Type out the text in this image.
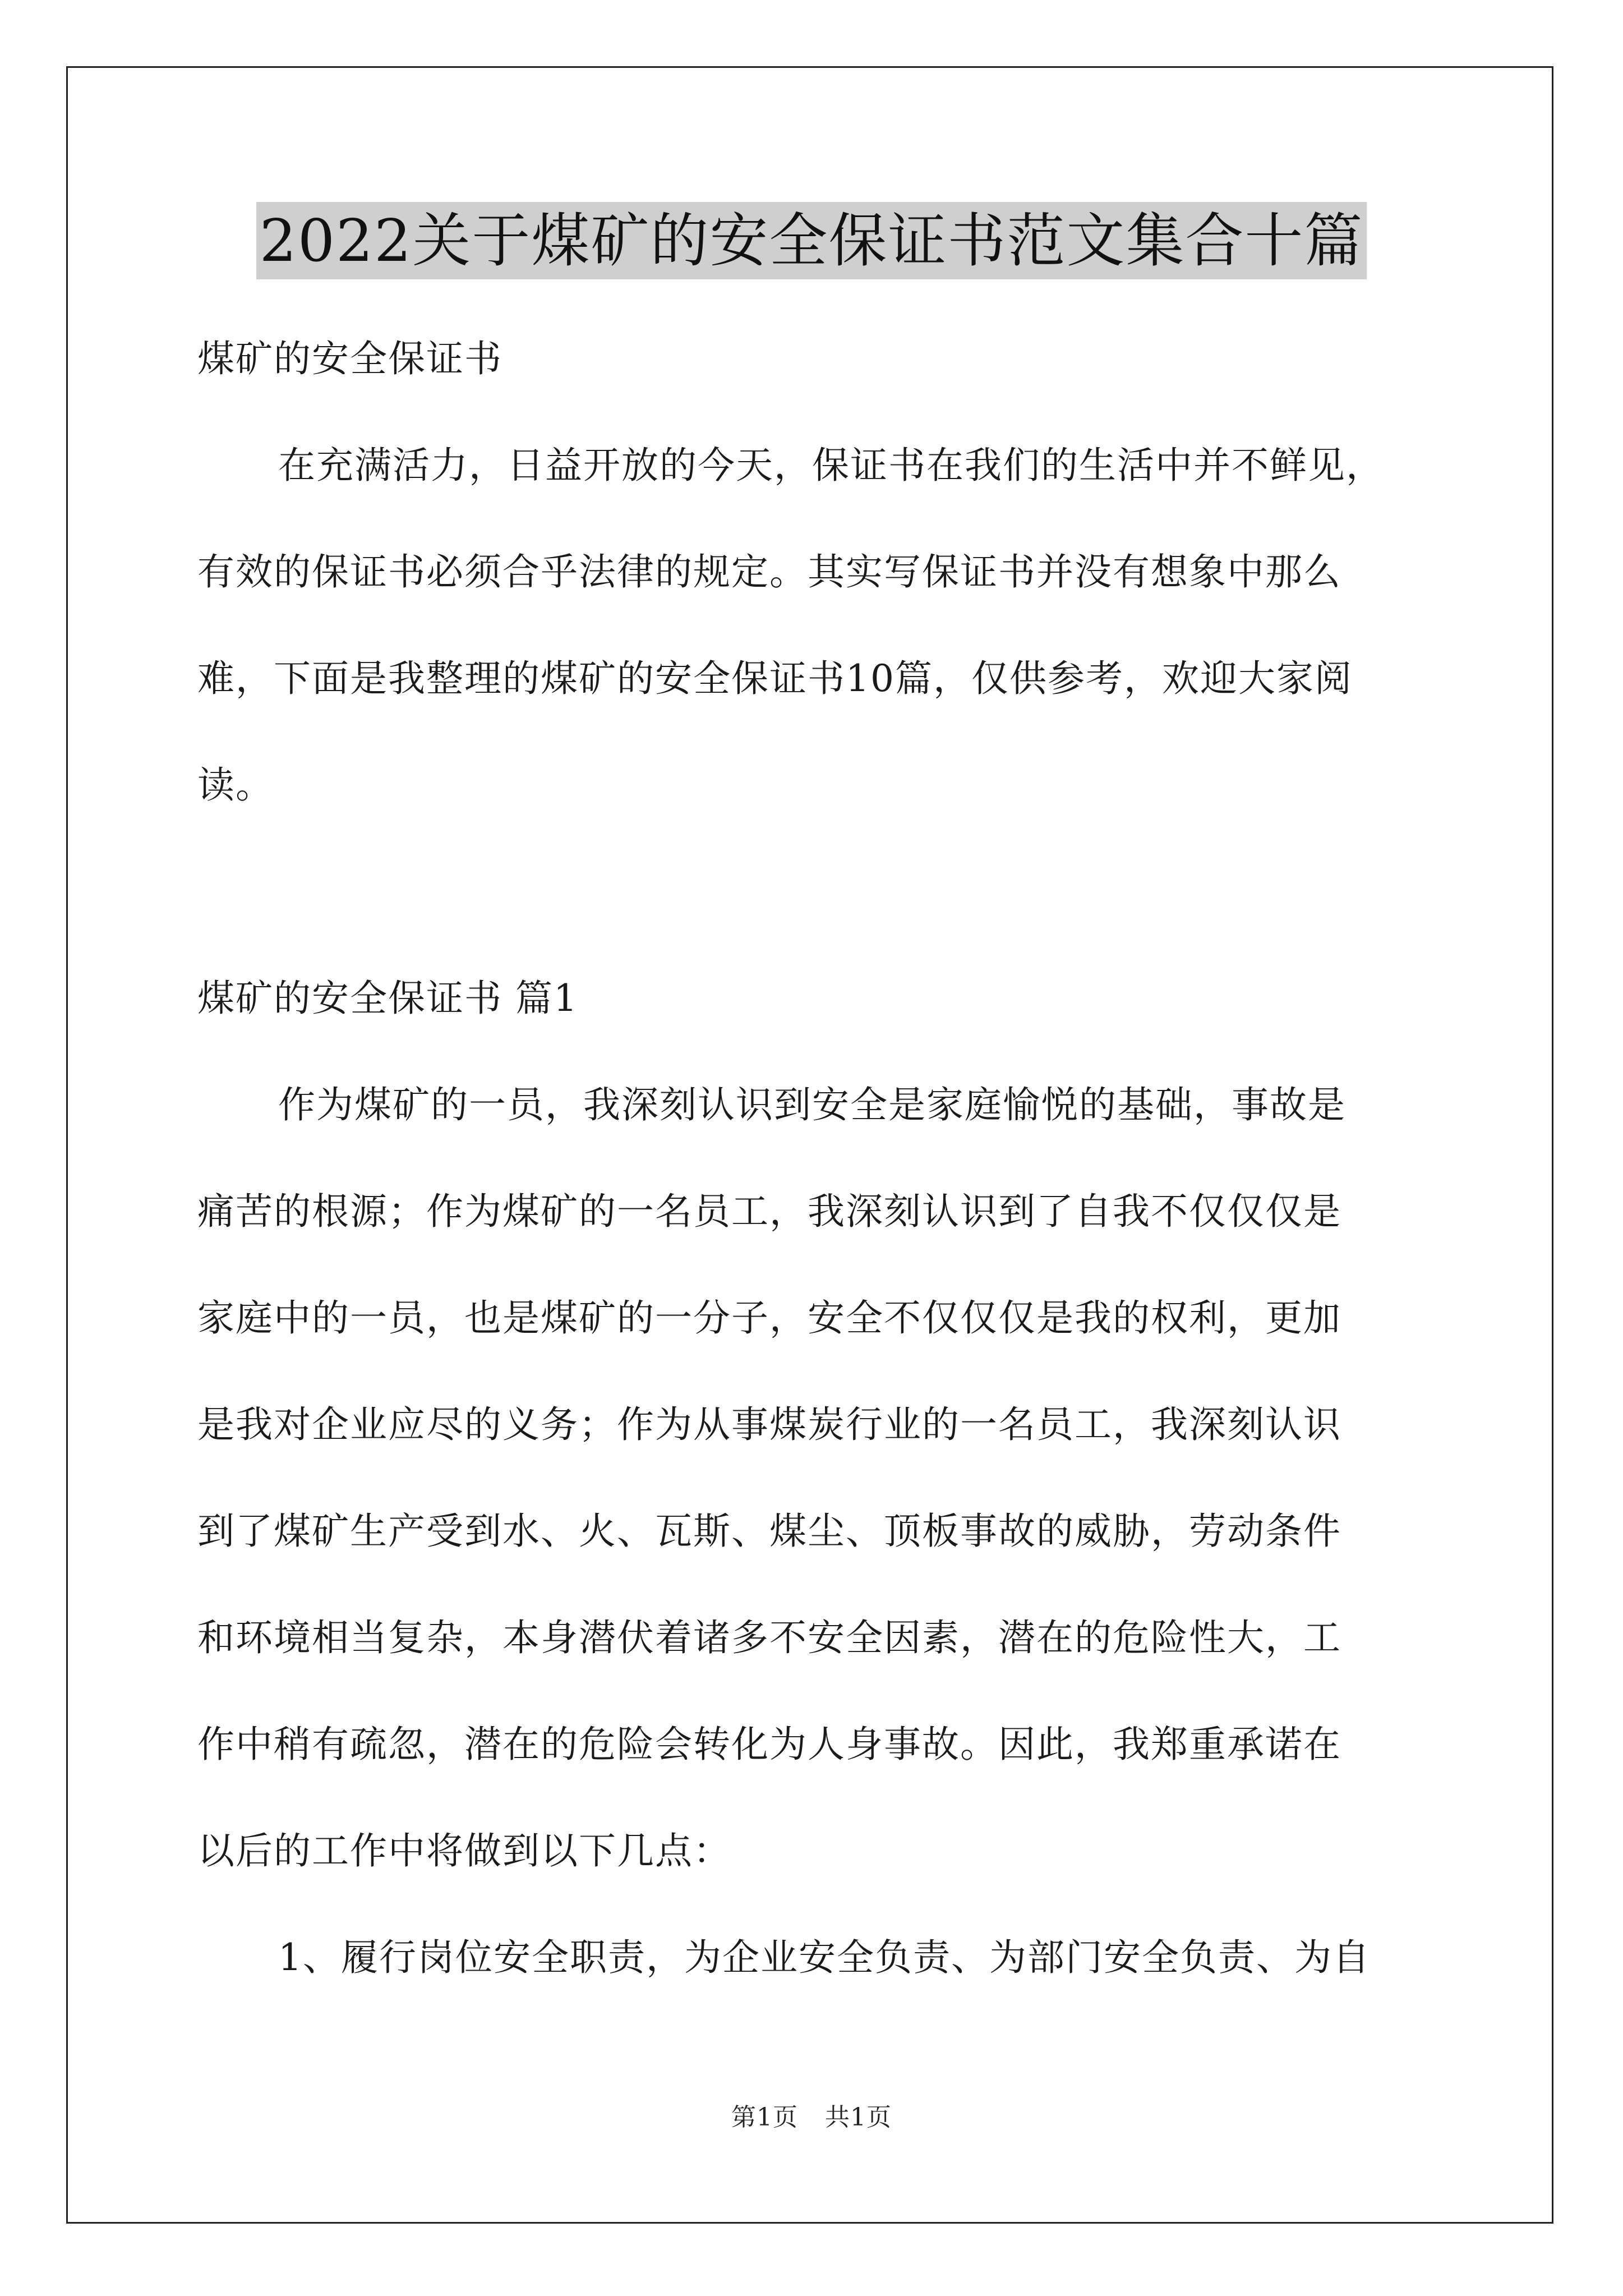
2022关于煤矿的安全保证书范文集合十篇
煤矿的安全保证书
在充满活力，日益开放的今天，保证书在我们的生活中并不鲜见，
有效的保证书必须合乎法律的规定。其实写保证书并没有想象中那么
难，下面是我整理的煤矿的安全保证书10篇，仅供参考，欢迎大家阅
读。
煤矿的安全保证书 篇1
作为煤矿的一员，我深刻认识到安全是家庭愉悦的基础，事故是
痛苦的根源；作为煤矿的一名员工，我深刻认识到了自我不仅仅仅是
家庭中的一员，也是煤矿的一分子，安全不仅仅仅是我的权利，更加
是我对企业应尽的义务；作为从事煤炭行业的一名员工，我深刻认识
到了煤矿生产受到水、火、瓦斯、煤尘、顶板事故的威胁，劳动条件
和环境相当复杂，本身潜伏着诸多不安全因素，潜在的危险性大，工
作中稍有疏忽，潜在的危险会转化为人身事故。因此，我郑重承诺在
以后的工作中将做到以下几点：
1、履行岗位安全职责，为企业安全负责、为部门安全负责、为自
第1页 共1页
